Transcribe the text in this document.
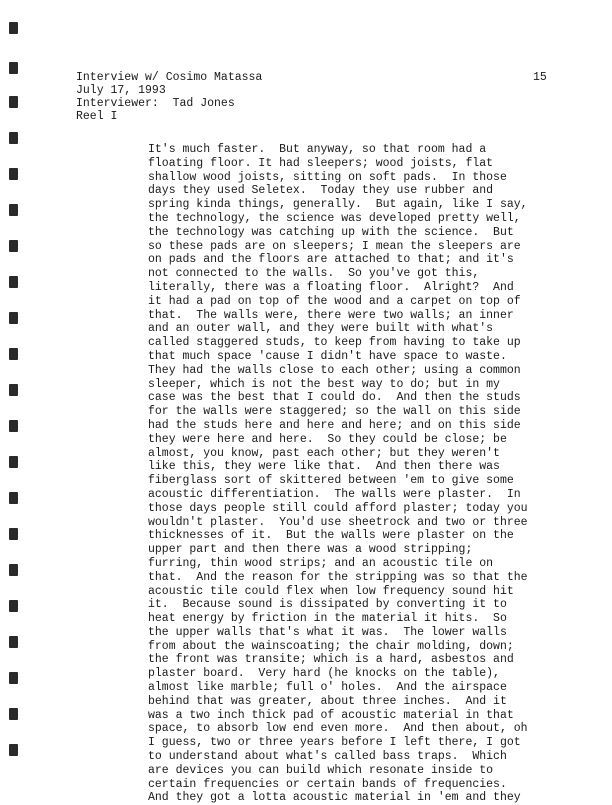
Interview w/ Cosimo Matassa
July 17, 1993
Interviewer:  Tad Jones
Reel I
15
It's much faster.  But anyway, so that room had a
floating floor. It had sleepers; wood joists, flat
shallow wood joists, sitting on soft pads.  In those
days they used Seletex.  Today they use rubber and
spring kinda things, generally.  But again, like I say,
the technology, the science was developed pretty well,
the technology was catching up with the science.  But
so these pads are on sleepers; I mean the sleepers are
on pads and the floors are attached to that; and it's
not connected to the walls.  So you've got this,
literally, there was a floating floor.  Alright?  And
it had a pad on top of the wood and a carpet on top of
that.  The walls were, there were two walls; an inner
and an outer wall, and they were built with what's
called staggered studs, to keep from having to take up
that much space 'cause I didn't have space to waste.
They had the walls close to each other; using a common
sleeper, which is not the best way to do; but in my
case was the best that I could do.  And then the studs
for the walls were staggered; so the wall on this side
had the studs here and here and here; and on this side
they were here and here.  So they could be close; be
almost, you know, past each other; but they weren't
like this, they were like that.  And then there was
fiberglass sort of skittered between 'em to give some
acoustic differentiation.  The walls were plaster.  In
those days people still could afford plaster; today you
wouldn't plaster.  You'd use sheetrock and two or three
thicknesses of it.  But the walls were plaster on the
upper part and then there was a wood stripping;
furring, thin wood strips; and an acoustic tile on
that.  And the reason for the stripping was so that the
acoustic tile could flex when low frequency sound hit
it.  Because sound is dissipated by converting it to
heat energy by friction in the material it hits.  So
the upper walls that's what it was.  The lower walls
from about the wainscoating; the chair molding, down;
the front was transite; which is a hard, asbestos and
plaster board.  Very hard (he knocks on the table),
almost like marble; full o' holes.  And the airspace
behind that was greater, about three inches.  And it
was a two inch thick pad of acoustic material in that
space, to absorb low end even more.  And then about, oh
I guess, two or three years before I left there, I got
to understand about what's called bass traps.  Which
are devices you can build which resonate inside to
certain frequencies or certain bands of frequencies.
And they got a lotta acoustic material in 'em and they
